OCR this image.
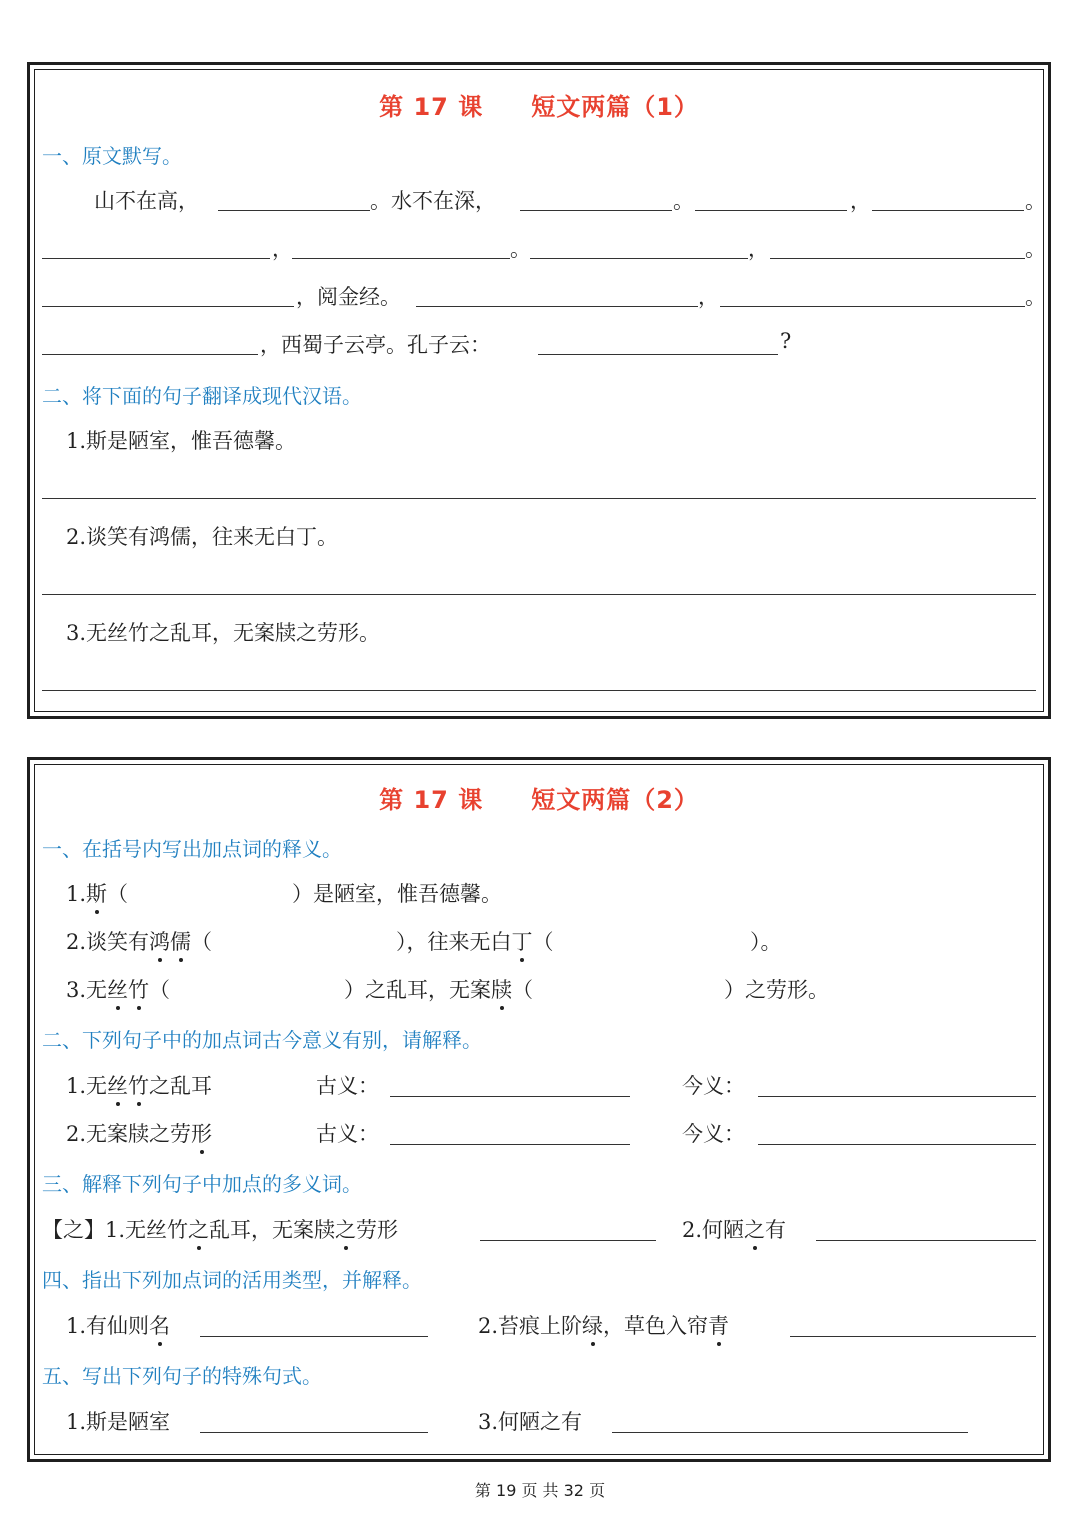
第 17 课 短文两篇（1）
一、原文默写。
山不在高，	。水不在深，	。	，	。
，	。	，	。
，阅金经。	，	。
，西蜀子云亭。孔子云：	?
二、将下面的句子翻译成现代汉语。
1.斯是陋室，惟吾德馨。
2.谈笑有鸿儒，往来无白丁。
3.无丝竹之乱耳，无案牍之劳形。
第 17 课 短文两篇（2）
一、在括号内写出加点词的释义。
1.斯（	）是陋室，惟吾德馨。
2.谈笑有鸿儒（	），往来无白丁（	）。
3.无丝竹（	）之乱耳，无案牍（	）之劳形。
二、下列句子中的加点词古今意义有别，请解释。
1.无丝竹之乱耳	古义：	今义：
2.无案牍之劳形	古义：	今义：
三、解释下列句子中加点的多义词。
【之】1.无丝竹之乱耳，无案牍之劳形	2.何陋之有
四、指出下列加点词的活用类型，并解释。
1.有仙则名	2.苔痕上阶绿，草色入帘青
五、写出下列句子的特殊句式。
1.斯是陋室	3.何陋之有
第 19 页 共 32 页
